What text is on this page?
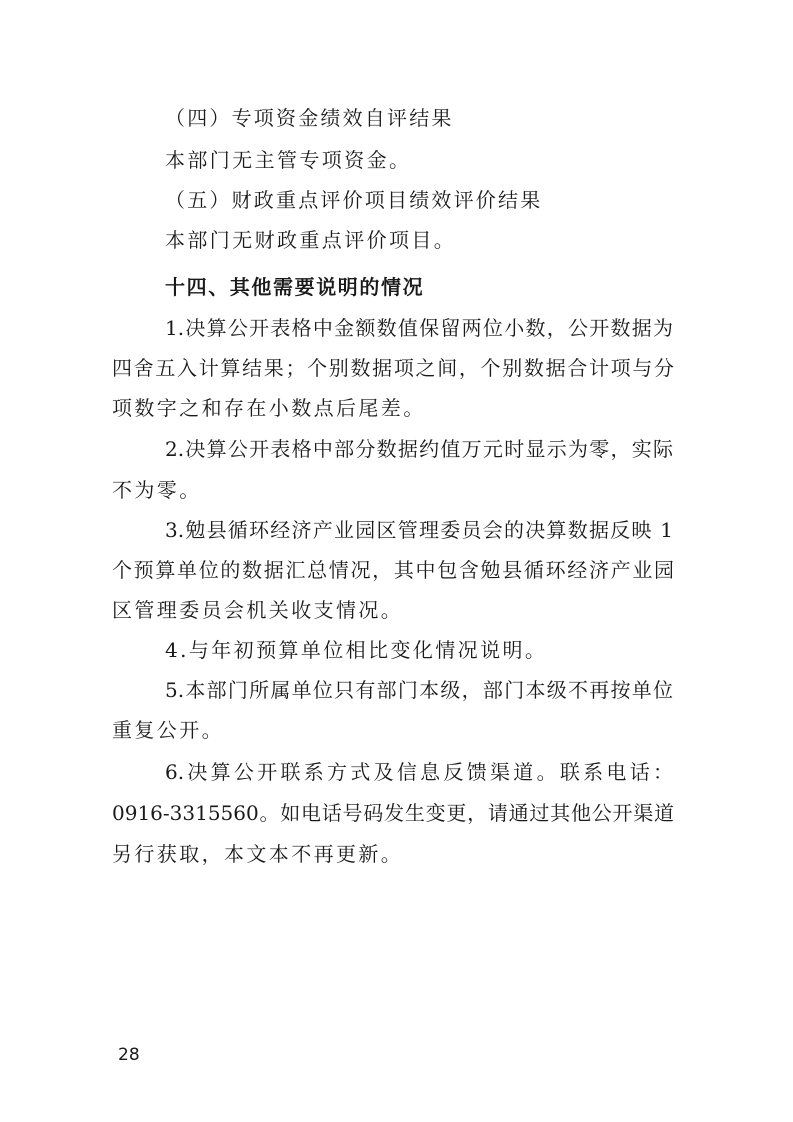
（四）专项资金绩效自评结果
本部门无主管专项资金。
（五）财政重点评价项目绩效评价结果
本部门无财政重点评价项目。
十四、其他需要说明的情况
1.决算公开表格中金额数值保留两位小数，公开数据为
四舍五入计算结果；个别数据项之间，个别数据合计项与分
项数字之和存在小数点后尾差。
2.决算公开表格中部分数据约值万元时显示为零，实际
不为零。
3.勉县循环经济产业园区管理委员会的决算数据反映 1
个预算单位的数据汇总情况，其中包含勉县循环经济产业园
区管理委员会机关收支情况。
4.与年初预算单位相比变化情况说明。
5.本部门所属单位只有部门本级，部门本级不再按单位
重复公开。
6.决算公开联系方式及信息反馈渠道。联系电话：
0916-3315560。如电话号码发生变更，请通过其他公开渠道
另行获取，本文本不再更新。
28
